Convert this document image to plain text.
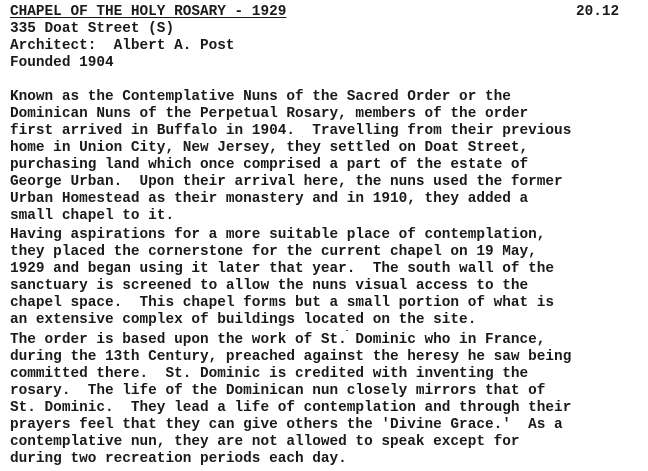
CHAPEL OF THE HOLY ROSARY - 1929	20.12
335 Doat Street (S)
Architect:  Albert A. Post
Founded 1904
Known as the Contemplative Nuns of the Sacred Order or the
Dominican Nuns of the Perpetual Rosary, members of the order
first arrived in Buffalo in 1904.  Travelling from their previous
home in Union City, New Jersey, they settled on Doat Street,
purchasing land which once comprised a part of the estate of
George Urban.  Upon their arrival here, the nuns used the former
Urban Homestead as their monastery and in 1910, they added a
small chapel to it.
Having aspirations for a more suitable place of contemplation,
they placed the cornerstone for the current chapel on 19 May,
1929 and began using it later that year.  The south wall of the
sanctuary is screened to allow the nuns visual access to the
chapel space.  This chapel forms but a small portion of what is
an extensive complex of buildings located on the site.
The order is based upon the work of St. Dominic who in France,
during the 13th Century, preached against the heresy he saw being
committed there.  St. Dominic is credited with inventing the
rosary.  The life of the Dominican nun closely mirrors that of
St. Dominic.  They lead a life of contemplation and through their
prayers feel that they can give others the 'Divine Grace.'  As a
contemplative nun, they are not allowed to speak except for
during two recreation periods each day.
